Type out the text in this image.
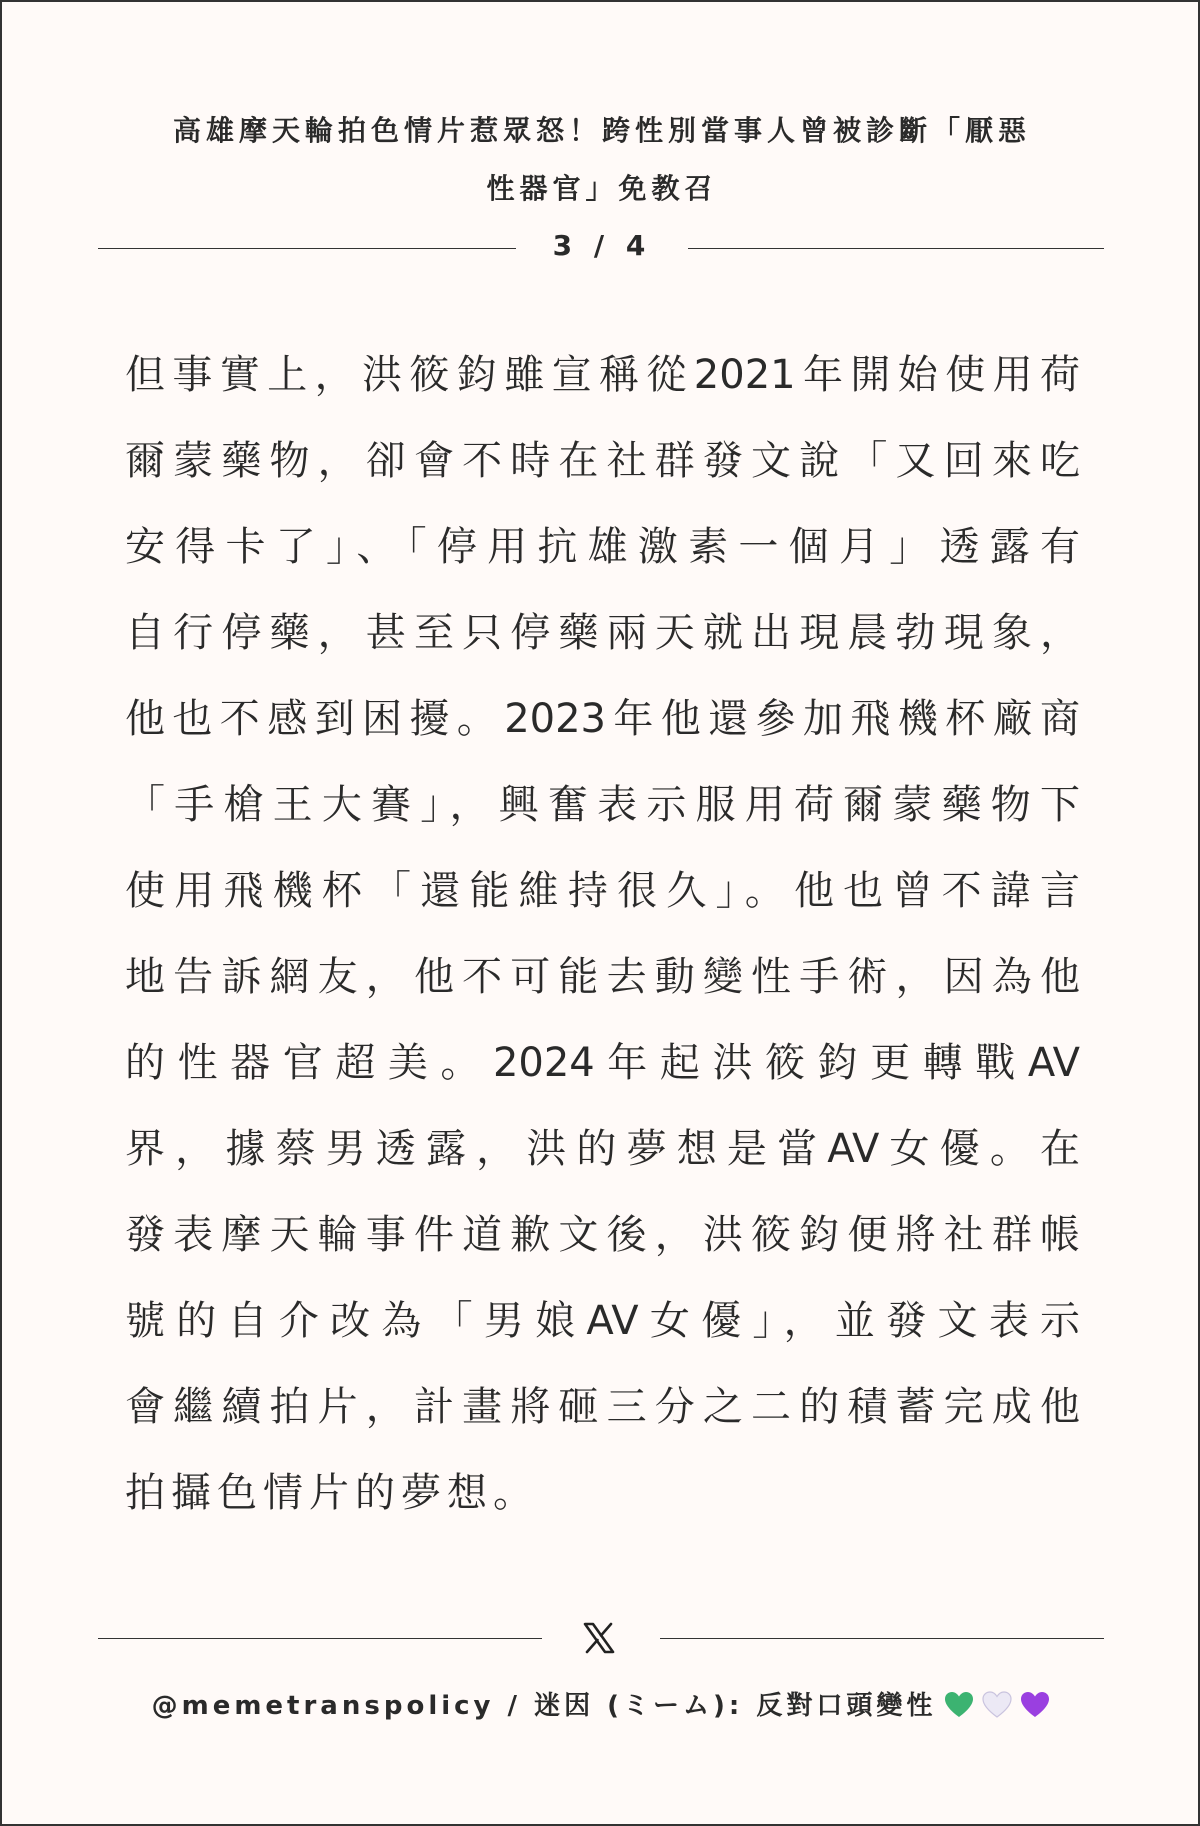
高雄摩天輪拍色情片惹眾怒！跨性別當事人曾被診斷「厭惡
性器官」免教召
3 / 4
但事實上，洪筱鈞雖宣稱從2021年開始使用荷
爾蒙藥物，卻會不時在社群發文說「又回來吃
安得卡了」、「停用抗雄激素一個月」透露有
自行停藥，甚至只停藥兩天就出現晨勃現象，
他也不感到困擾。2023年他還參加飛機杯廠商
「手槍王大賽」，興奮表示服用荷爾蒙藥物下
使用飛機杯「還能維持很久」。他也曾不諱言
地告訴網友，他不可能去動變性手術，因為他
的性器官超美。2024年起洪筱鈞更轉戰AV
界，據蔡男透露，洪的夢想是當AV女優。在
發表摩天輪事件道歉文後，洪筱鈞便將社群帳
號的自介改為「男娘AV女優」，並發文表示
會繼續拍片，計畫將砸三分之二的積蓄完成他
拍攝色情片的夢想。
@memetranspolicy / 迷因 (ミーム): 反對口頭變性
